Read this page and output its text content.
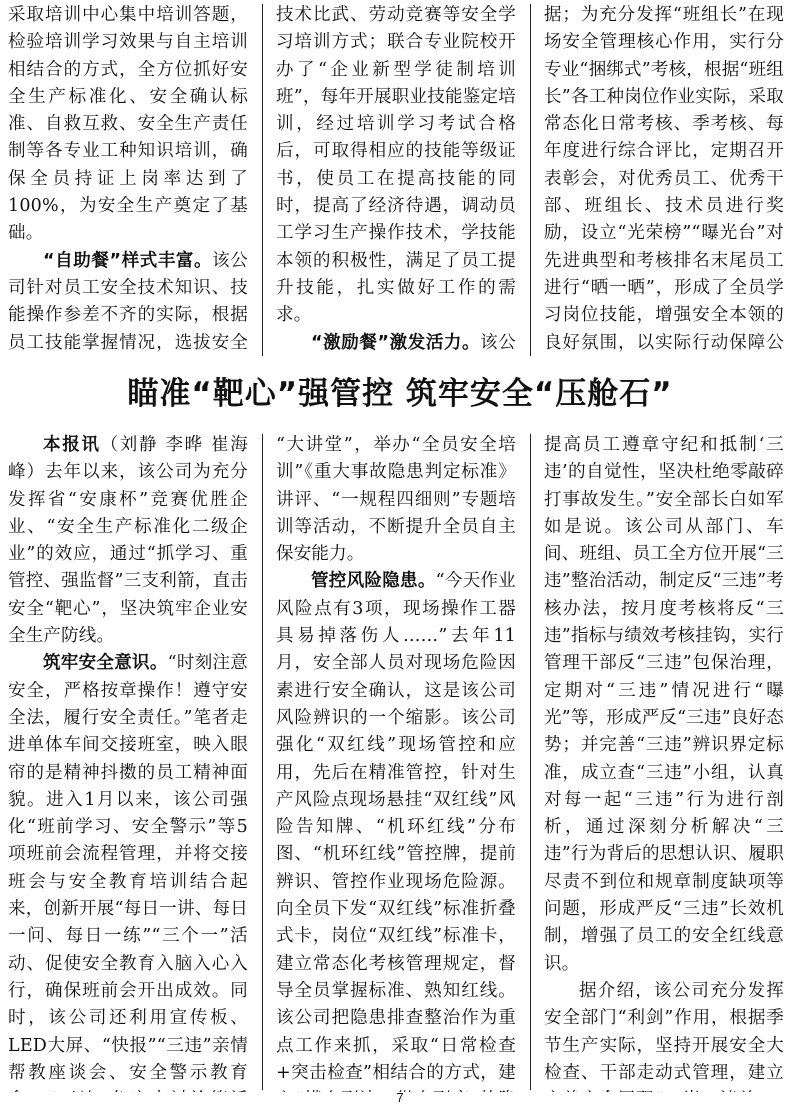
采取培训中心集中培训答题，检验培训学习效果与自主培训相结合的方式，全方位抓好安全生产标准化、安全确认标准、自救互救、安全生产责任制等各专业工种知识培训，确保全员持证上岗率达到了100%，为安全生产奠定了基础。

“自助餐”样式丰富。该公司针对员工安全技术知识、技能操作参差不齐的实际，根据员工技能掌握情况，选拔安全

技术比武、劳动竞赛等安全学习培训方式；联合专业院校开办了“企业新型学徒制培训班”，每年开展职业技能鉴定培训，经过培训学习考试合格后，可取得相应的技能等级证书，使员工在提高技能的同时，提高了经济待遇，调动员工学习生产操作技术，学技能本领的积极性，满足了员工提升技能，扎实做好工作的需求。

“激励餐”激发活力。该公

据；为充分发挥“班组长”在现场安全管理核心作用，实行分专业“捆绑式”考核，根据“班组长”各工种岗位作业实际，采取常态化日常考核、季考核、每年度进行综合评比，定期召开表彰会，对优秀员工、优秀干部、班组长、技术员进行奖励，设立“光荣榜”“曝光台”对先进典型和考核排名末尾员工进行“晒一晒”，形成了全员学习岗位技能，增强安全本领的良好氛围，以实际行动保障公

瞄准“靶心”强管控 筑牢安全“压舱石”

本报讯（刘静 李晔 崔海峰）去年以来，该公司为充分发挥省“安康杯”竞赛优胜企业、“安全生产标准化二级企业”的效应，通过“抓学习、重管控、强监督”三支利箭，直击安全“靶心”，坚决筑牢企业安全生产防线。

筑牢安全意识。“时刻注意安全，严格按章操作！遵守安全法，履行安全责任。”笔者走进单体车间交接班室，映入眼帘的是精神抖擞的员工精神面貌。进入1月以来，该公司强化“班前学习、安全警示”等5项班前会流程管理，并将交接班会与安全教育培训结合起来，创新开展“每日一讲、每日一问、每日一练”“三个一”活动、促使安全教育入脑入心入行，确保班前会开出成效。同时，该公司还利用宣传板、LED大屏、“快报”“三违”亲情帮教座谈会、安全警示教育

“大讲堂”，举办“全员安全培训”《重大事故隐患判定标准》讲评、“一规程四细则”专题培训等活动，不断提升全员自主保安能力。

管控风险隐患。“今天作业风险点有3项，现场操作工器具易掉落伤人……”去年11月，安全部人员对现场危险因素进行安全确认，这是该公司风险辨识的一个缩影。该公司强化“双红线”现场管控和应用，先后在精准管控，针对生产风险点现场悬挂“双红线”风险告知牌、“机环红线”分布图、“机环红线”管控牌，提前辨识、管控作业现场危险源。向全员下发“双红线”标准折叠式卡，岗位“双红线”标准卡，建立常态化考核管理规定，督导全员掌握标准、熟知红线。该公司把隐患排查整治作为重点工作来抓，采取“日常检查+突击检查”相结合的方式，建

提高员工遵章守纪和抵制‘三违’的自觉性，坚决杜绝零敲碎打事故发生。”安全部长白如军如是说。该公司从部门、车间、班组、员工全方位开展“三违”整治活动，制定反“三违”考核办法，按月度考核将反“三违”指标与绩效考核挂钩，实行管理干部反“三违”包保治理，定期对“三违”情况进行“曝光”等，形成严反“三违”良好态势；并完善“三违”辨识界定标准，成立查“三违”小组，认真对每一起“三违”行为进行剖析，通过深刻分析解决“三违”行为背后的思想认识、履职尽责不到位和规章制度缺项等问题，形成严反“三违”长效机制，增强了员工的安全红线意识。

据介绍，该公司充分发挥安全部门“利剑”作用，根据季节生产实际，坚持开展安全大检查、干部走动式管理，建立

7
